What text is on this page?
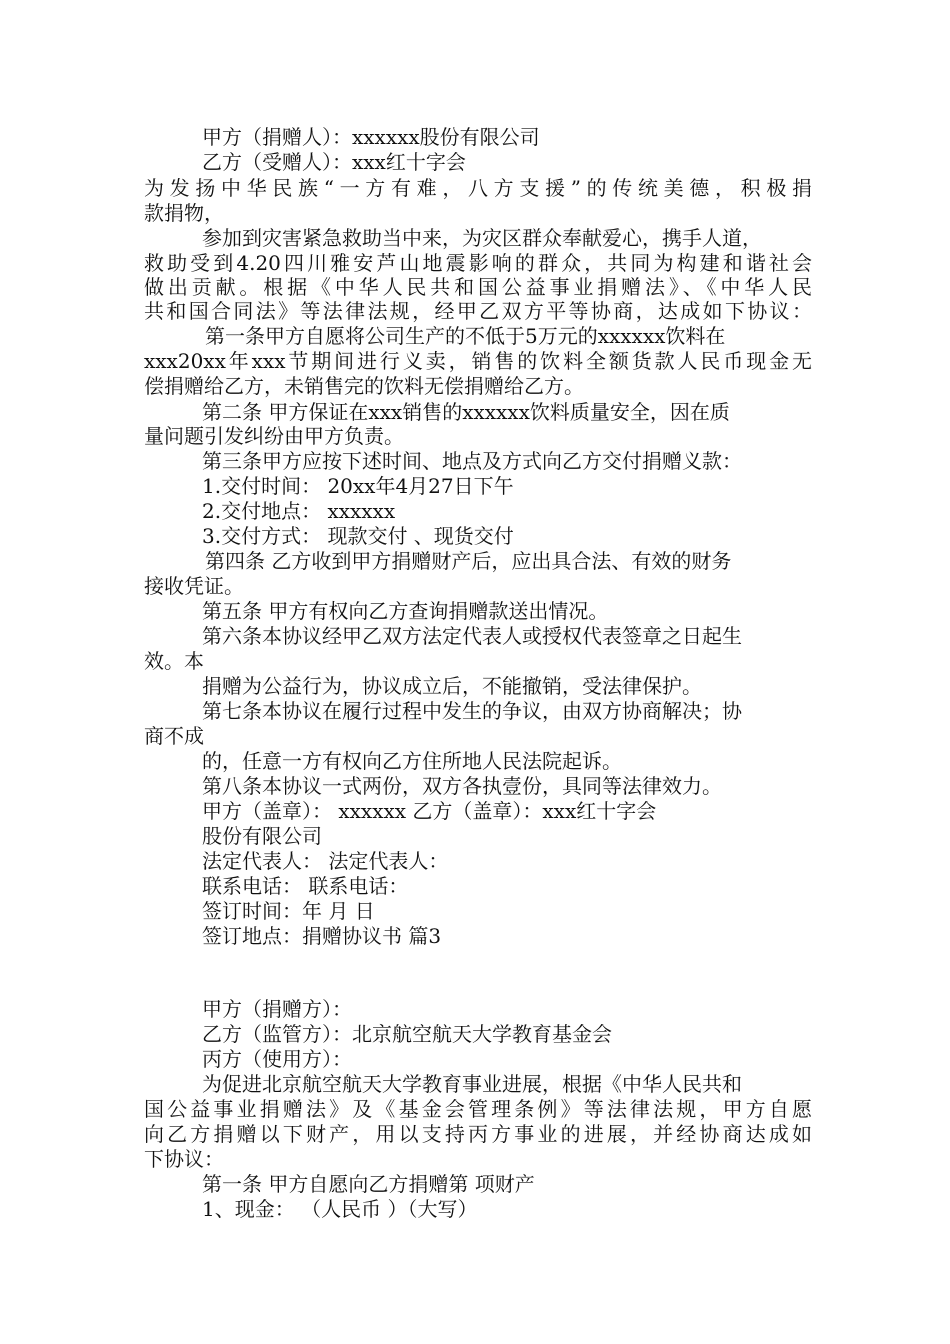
甲方（捐赠人）：xxxxxx股份有限公司
乙方（受赠人）：xxx红十字会
为发扬中华民族“一方有难，八方支援”的传统美德，积极捐
款捐物，
参加到灾害紧急救助当中来，为灾区群众奉献爱心，携手人道，
救助受到4.20四川雅安芦山地震影响的群众，共同为构建和谐社会
做出贡献。根据《中华人民共和国公益事业捐赠法》、《中华人民
共和国合同法》等法律法规，经甲乙双方平等协商，达成如下协议：
第一条甲方自愿将公司生产的不低于5万元的xxxxxx饮料在
xxx20xx年xxx节期间进行义卖，销售的饮料全额货款人民币现金无
偿捐赠给乙方，未销售完的饮料无偿捐赠给乙方。
第二条 甲方保证在xxx销售的xxxxxx饮料质量安全，因在质
量问题引发纠纷由甲方负责。
第三条甲方应按下述时间、地点及方式向乙方交付捐赠义款：
1.交付时间： 20xx年4月27日下午
2.交付地点： xxxxxx
3.交付方式： 现款交付 、现货交付
第四条 乙方收到甲方捐赠财产后，应出具合法、有效的财务
接收凭证。
第五条 甲方有权向乙方查询捐赠款送出情况。
第六条本协议经甲乙双方法定代表人或授权代表签章之日起生
效。本
捐赠为公益行为，协议成立后，不能撤销，受法律保护。
第七条本协议在履行过程中发生的争议，由双方协商解决；协
商不成
的，任意一方有权向乙方住所地人民法院起诉。
第八条本协议一式两份，双方各执壹份，具同等法律效力。
甲方（盖章）： xxxxxx 乙方（盖章）：xxx红十字会
股份有限公司
法定代表人： 法定代表人：
联系电话： 联系电话：
签订时间：年 月 日
签订地点：捐赠协议书 篇3
甲方（捐赠方）：
乙方（监管方）：北京航空航天大学教育基金会
丙方（使用方）：
为促进北京航空航天大学教育事业进展，根据《中华人民共和
国公益事业捐赠法》及《基金会管理条例》等法律法规，甲方自愿
向乙方捐赠以下财产，用以支持丙方事业的进展，并经协商达成如
下协议：
第一条 甲方自愿向乙方捐赠第 项财产
1、现金： （人民币 ）（大写）
